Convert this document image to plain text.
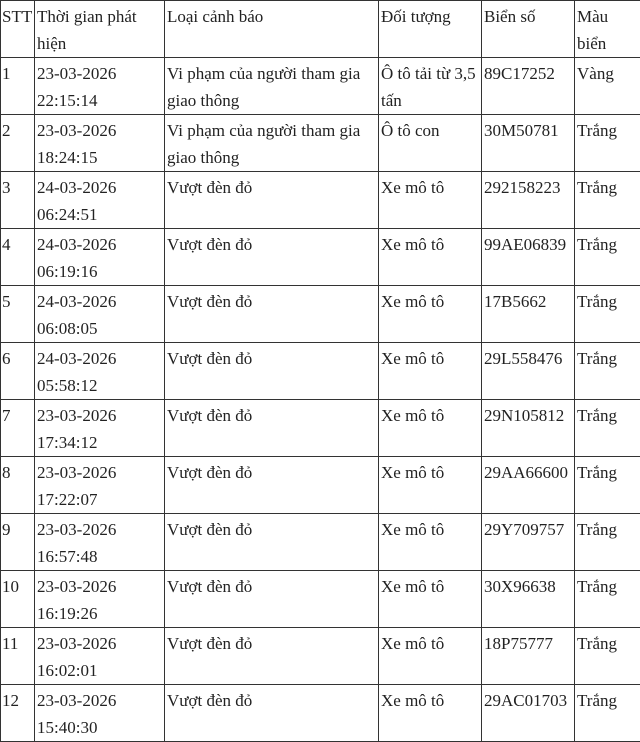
STT	Thời gian phát hiện	Loại cảnh báo	Đối tượng	Biển số	Màu biển
1	23-03-2026 22:15:14	Vi phạm của người tham gia giao thông	Ô tô tải từ 3,5 tấn	89C17252	Vàng
2	23-03-2026 18:24:15	Vi phạm của người tham gia giao thông	Ô tô con	30M50781	Trắng
3	24-03-2026 06:24:51	Vượt đèn đỏ	Xe mô tô	292158223	Trắng
4	24-03-2026 06:19:16	Vượt đèn đỏ	Xe mô tô	99AE06839	Trắng
5	24-03-2026 06:08:05	Vượt đèn đỏ	Xe mô tô	17B5662	Trắng
6	24-03-2026 05:58:12	Vượt đèn đỏ	Xe mô tô	29L558476	Trắng
7	23-03-2026 17:34:12	Vượt đèn đỏ	Xe mô tô	29N105812	Trắng
8	23-03-2026 17:22:07	Vượt đèn đỏ	Xe mô tô	29AA66600	Trắng
9	23-03-2026 16:57:48	Vượt đèn đỏ	Xe mô tô	29Y709757	Trắng
10	23-03-2026 16:19:26	Vượt đèn đỏ	Xe mô tô	30X96638	Trắng
11	23-03-2026 16:02:01	Vượt đèn đỏ	Xe mô tô	18P75777	Trắng
12	23-03-2026 15:40:30	Vượt đèn đỏ	Xe mô tô	29AC01703	Trắng
